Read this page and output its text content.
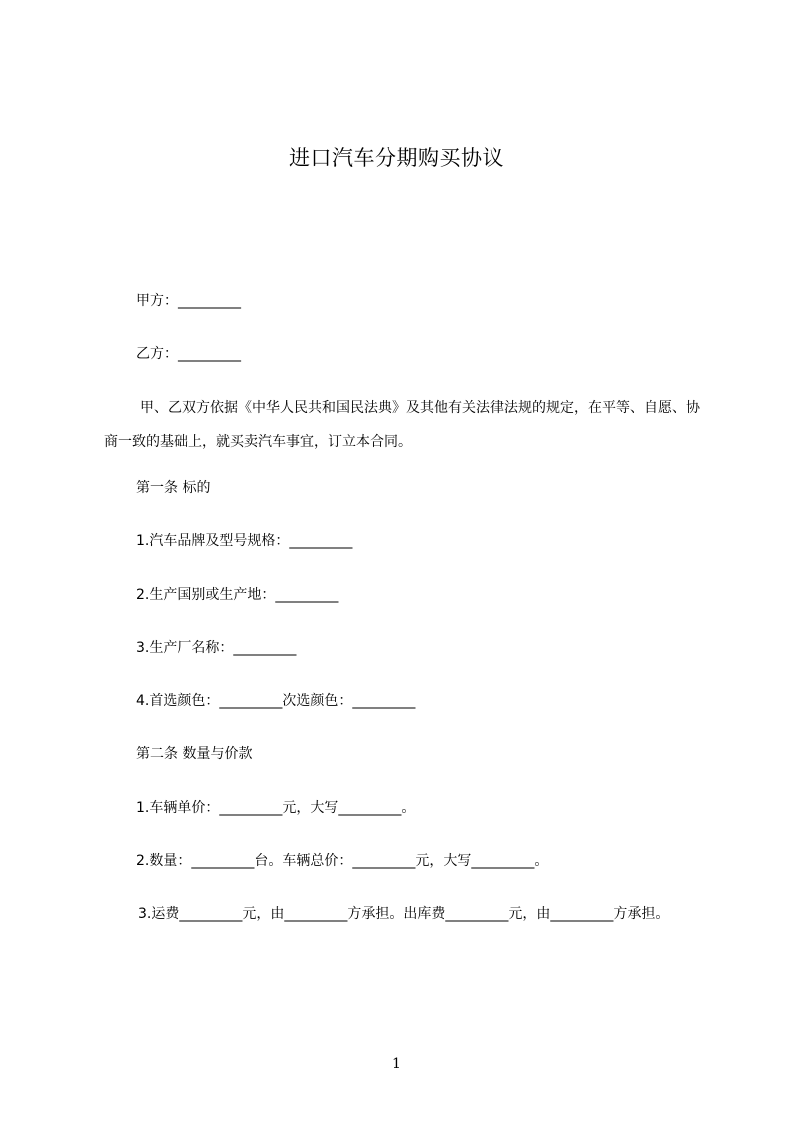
进口汽车分期购买协议
甲方：_________
乙方：_________
甲、乙双方依据《中华人民共和国民法典》及其他有关法律法规的规定，在平等、自愿、协商一致的基础上，就买卖汽车事宜，订立本合同。
第一条 标的
1.汽车品牌及型号规格：_________
2.生产国别或生产地：_________
3.生产厂名称：_________
4.首选颜色：_________次选颜色：_________
第二条 数量与价款
1.车辆单价：_________元，大写_________。
2.数量：_________台。车辆总价：_________元，大写_________。
3.运费_________元，由_________方承担。出库费_________元，由_________方承担。
1
